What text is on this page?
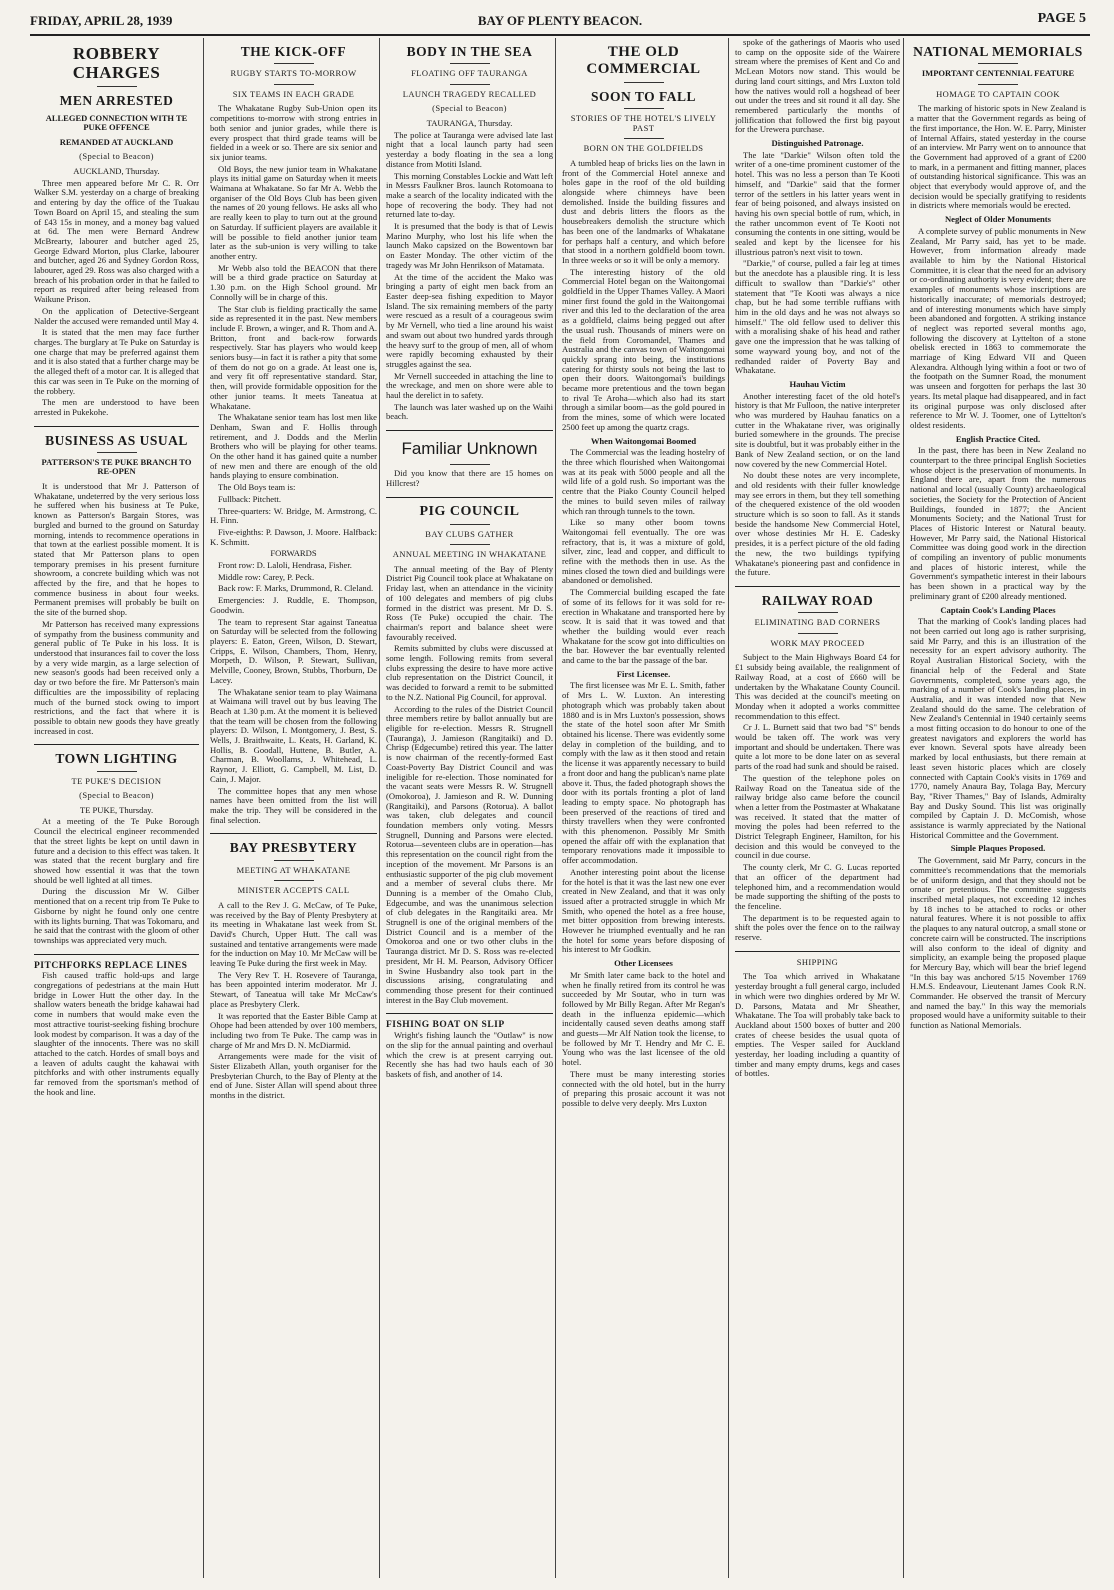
FRIDAY, APRIL 28, 1939	BAY OF PLENTY BEACON.	PAGE 5
ROBBERY CHARGES
MEN ARRESTED
ALLEGED CONNECTION WITH TE PUKE OFFENCE
REMANDED AT AUCKLAND
(Special to Beacon)

AUCKLAND, Thursday.

Three men appeared before Mr C. R. Orr Walker S.M. yesterday on a charge of breaking and entering by day the office of the Tuakau Town Board on April 15, and stealing the sum of £43 15s in money, and a money bag valued at 6d. The men were Bernard Andrew McBrearty, labourer and butcher aged 25, George Edward Morton, plus Clarke, labourer and butcher, aged 26 and Sydney Gordon Ross, labourer, aged 29. Ross was also charged with a breach of his probation order in that he failed to report as required after being released from Waikune Prison.

On the application of Detective-Sergeant Nalder the accused were remanded until May 4.

It is stated that the men may face further charges. The burglary at Te Puke on Saturday is one charge that may be preferred against them and it is also stated that a further charge may be the alleged theft of a motor car. It is alleged that this car was seen in Te Puke on the morning of the robbery.

The men are understood to have been arrested in Pukekohe.

BUSINESS AS USUAL
PATTERSON'S TE PUKE BRANCH TO RE-OPEN

It is understood that Mr J. Patterson of Whakatane, undeterred by the very serious loss he suffered when his business at Te Puke, known as Patterson's Bargain Stores, was burgled and burned to the ground on Saturday morning, intends to recommence operations in that town at the earliest possible moment. It is stated that Mr Patterson plans to open temporary premises in his present furniture showroom, a concrete building which was not affected by the fire, and that he hopes to commence business in about four weeks. Permanent premises will probably be built on the site of the burned shop.

Mr Patterson has received many expressions of sympathy from the business community and general public of Te Puke in his loss. It is understood that insurances fail to cover the loss by a very wide margin, as a large selection of new season's goods had been received only a day or two before the fire. Mr Patterson's main difficulties are the impossibility of replacing much of the burned stock owing to import restrictions, and the fact that where it is possible to obtain new goods they have greatly increased in cost.

TOWN LIGHTING
TE PUKE'S DECISION
(Special to Beacon)

TE PUKE, Thursday.

At a meeting of the Te Puke Borough Council the electrical engineer recommended that the street lights be kept on until dawn in future and a decision to this effect was taken. It was stated that the recent burglary and fire showed how essential it was that the town should be well lighted at all times.

During the discussion Mr W. Gilber mentioned that on a recent trip from Te Puke to Gisborne by night he found only one centre with its lights burning. That was Tokomaru, and he said that the contrast with the gloom of other townships was appreciated very much.

PITCHFORKS REPLACE LINES

Fish caused traffic hold-ups and large congregations of pedestrians at the main Hutt bridge in Lower Hutt the other day. In the shallow waters beneath the bridge kahawai had come in numbers that would make even the most attractive tourist-seeking fishing brochure look modest by comparison. It was a day of the slaughter of the innocents. There was no skill attached to the catch. Hordes of small boys and a leaven of adults caught the kahawai with pitchforks and with other instruments equally far removed from the sportsman's method of the hook and line.

THE KICK-OFF
RUGBY STARTS TO-MORROW
SIX TEAMS IN EACH GRADE

The Whakatane Rugby Sub-Union open its competitions to-morrow with strong entries in both senior and junior grades, while there is every prospect that third grade teams will be fielded in a week or so. There are six senior and six junior teams.

Old Boys, the new junior team in Whakatane plays its initial game on Saturday when it meets Waimana at Whakatane. So far Mr A. Webb the organiser of the Old Boys Club has been given the names of 20 young fellows. He asks all who are really keen to play to turn out at the ground on Saturday. If sufficient players are available it will be possible to field another junior team later as the sub-union is very willing to take another entry.

Mr Webb also told the BEACON that there will be a third grade practice on Saturday at 1.30 p.m. on the High School ground. Mr Connolly will be in charge of this.

The Star club is fielding practically the same side as represented it in the past. New members include F. Brown, a winger, and R. Thom and A. Britton, front and back-row forwards respectively. Star has players who would keep seniors busy—in fact it is rather a pity that some of them do not go on a grade. At least one is, and very fit off representative standard. Star, then, will provide formidable opposition for the other junior teams. It meets Taneatua at Whakatane.

The Whakatane senior team has lost men like Denham, Swan and F. Hollis through retirement, and J. Dodds and the Merlin Brothers who will be playing for other teams. On the other hand it has gained quite a number of new men and there are enough of the old hands playing to ensure combination.

The Old Boys team is:

Fullback: Pitchett.

Three-quarters: W. Bridge, M. Armstrong, C. H. Finn.

Five-eighths: P. Dawson, J. Moore. Halfback: K. Schmitt.

FORWARDS

Front row: D. Laloli, Hendrasa, Fisher.

Middle row: Carey, P. Peck.

Back row: F. Marks, Drummond, R. Cleland.

Emergencies: J. Ruddle, E. Thompson, Goodwin.

The team to represent Star against Taneatua on Saturday will be selected from the following players: E. Eaton, Green, Wilson, D. Stewart, Cripps, E. Wilson, Chambers, Thom, Henry, Morpeth, D. Wilson, P. Stewart, Sullivan, Melville, Cooney, Brown, Stubbs, Thorburn, De Lacey.

The Whakatane senior team to play Waimana at Waimana will travel out by bus leaving The Beach at 1.30 p.m. At the moment it is believed that the team will be chosen from the following players: D. Wilson, I. Montgomery, J. Best, S. Wells, J. Braithwaite, L. Keats, H. Garland, K. Hollis, B. Goodall, Huttene, B. Butler, A. Charman, B. Woollams, J. Whitehead, L. Raynor, J. Elliott, G. Campbell, M. List, D. Cain, J. Major.

The committee hopes that any men whose names have been omitted from the list will make the trip. They will be considered in the final selection.

BAY PRESBYTERY
MEETING AT WHAKATANE
MINISTER ACCEPTS CALL

A call to the Rev J. G. McCaw, of Te Puke, was received by the Bay of Plenty Presbytery at its meeting in Whakatane last week from St. David's Church, Upper Hutt. The call was sustained and tentative arrangements were made for the induction on May 10. Mr McCaw will be leaving Te Puke during the first week in May.

The Very Rev T. H. Rosevere of Tauranga, has been appointed interim moderator. Mr J. Stewart, of Taneatua will take Mr McCaw's place as Presbytery Clerk.

It was reported that the Easter Bible Camp at Ohope had been attended by over 100 members, including two from Te Puke. The camp was in charge of Mr and Mrs D. N. McDiarmid.

Arrangements were made for the visit of Sister Elizabeth Allan, youth organiser for the Presbyterian Church, to the Bay of Plenty at the end of June. Sister Allan will spend about three months in the district.

BODY IN THE SEA
FLOATING OFF TAURANGA
LAUNCH TRAGEDY RECALLED
(Special to Beacon)

TAURANGA, Thursday.

The police at Tauranga were advised late last night that a local launch party had seen yesterday a body floating in the sea a long distance from Motiti Island.

This morning Constables Lockie and Watt left in Messrs Faulkner Bros. launch Rotomoana to make a search of the locality indicated with the hope of recovering the body. They had not returned late to-day.

It is presumed that the body is that of Lewis Marino Murphy, who lost his life when the launch Mako capsized on the Bowentown bar on Easter Monday. The other victim of the tragedy was Mr John Henrikson of Matamata.

At the time of the accident the Mako was bringing a party of eight men back from an Easter deep-sea fishing expedition to Mayor Island. The six remaining members of the party were rescued as a result of a courageous swim by Mr Vernell, who tied a line around his waist and swam out about two hundred yards through the heavy surf to the group of men, all of whom were rapidly becoming exhausted by their struggles against the sea.

Mr Vernell succeeded in attaching the line to the wreckage, and men on shore were able to haul the derelict in to safety.

The launch was later washed up on the Waihi beach.

Familiar Unknown

Did you know that there are 15 homes on Hillcrest?

PIG COUNCIL
BAY CLUBS GATHER
ANNUAL MEETING IN WHAKATANE

The annual meeting of the Bay of Plenty District Pig Council took place at Whakatane on Friday last, when an attendance in the vicinity of 100 delegates and members of pig clubs formed in the district was present. Mr D. S. Ross (Te Puke) occupied the chair. The chairman's report and balance sheet were favourably received.

Remits submitted by clubs were discussed at some length. Following remits from several clubs expressing the desire to have more active club representation on the District Council, it was decided to forward a remit to be submitted to the N.Z. National Pig Council, for approval.

According to the rules of the District Council three members retire by ballot annually but are eligible for re-election. Messrs R. Strugnell (Tauranga), J. Jamieson (Rangitaiki) and D. Chrisp (Edgecumbe) retired this year. The latter is now chairman of the recently-formed East Coast-Poverty Bay District Council and was ineligible for re-election. Those nominated for the vacant seats were Messrs R. W. Strugnell (Omokoroa), J. Jamieson and R. W. Dunning (Rangitaiki), and Parsons (Rotorua). A ballot was taken, club delegates and council foundation members only voting. Messrs Strugnell, Dunning and Parsons were elected. Rotorua—seventeen clubs are in operation—has this representation on the council right from the inception of the movement. Mr Parsons is an enthusiastic supporter of the pig club movement and a member of several clubs there. Mr Dunning is a member of the Omaho Club, Edgecumbe, and was the unanimous selection of club delegates in the Rangitaiki area. Mr Strugnell is one of the original members of the District Council and is a member of the Omokoroa and one or two other clubs in the Tauranga district. Mr D. S. Ross was re-elected president, Mr H. M. Pearson, Advisory Officer in Swine Husbandry also took part in the discussions arising, congratulating and commending those present for their continued interest in the Bay Club movement.

FISHING BOAT ON SLIP

Wright's fishing launch the "Outlaw" is now on the slip for the annual painting and overhaul which the crew is at present carrying out. Recently she has had two hauls each of 30 baskets of fish, and another of 14.

THE OLD COMMERCIAL
SOON TO FALL
STORIES OF THE HOTEL'S LIVELY PAST
BORN ON THE GOLDFIELDS

A tumbled heap of bricks lies on the lawn in front of the Commercial Hotel annexe and holes gape in the roof of the old building alongside where chimneys have been demolished. Inside the building fissures and dust and debris litters the floors as the housebreakers demolish the structure which has been one of the landmarks of Whakatane for perhaps half a century, and which before that stood in a northern goldfield boom town. In three weeks or so it will be only a memory.

The interesting history of the old Commercial Hotel began on the Waitongomai goldfield in the Upper Thames Valley. A Maori miner first found the gold in the Waitongomai river and this led to the declaration of the area as a goldfield, claims being pegged out after the usual rush. Thousands of miners were on the field from Coromandel, Thames and Australia and the canvas town of Waitongomai quickly sprang into being, the institutions catering for thirsty souls not being the last to open their doors. Waitongomai's buildings became more pretentious and the town began to rival Te Aroha—which also had its start through a similar boom—as the gold poured in from the mines, some of which were located 2500 feet up among the quartz crags.

When Waitongomai Boomed

The Commercial was the leading hostelry of the three which flourished when Waitongomai was at its peak with 5000 people and all the wild life of a gold rush. So important was the centre that the Piako County Council helped the mines to build seven miles of railway which ran through tunnels to the town.

Like so many other boom towns Waitongomai fell eventually. The ore was refractory, that is, it was a mixture of gold, silver, zinc, lead and copper, and difficult to refine with the methods then in use. As the mines closed the town died and buildings were abandoned or demolished.

The Commercial building escaped the fate of some of its fellows for it was sold for re-erection in Whakatane and transported here by scow. It is said that it was towed and that whether the building would ever reach Whakatane for the scow got into difficulties on the bar. However the bar eventually relented and came to the bar the passage of the bar.

First Licensee.

The first licensee was Mr E. L. Smith, father of Mrs L. W. Luxton. An interesting photograph which was probably taken about 1880 and is in Mrs Luxton's possession, shows the state of the hotel soon after Mr Smith obtained his license. There was evidently some delay in completion of the building, and to comply with the law as it then stood and retain the license it was apparently necessary to build a front door and hang the publican's name plate above it. Thus, the faded photograph shows the door with its portals fronting a plot of land leading to empty space. No photograph has been preserved of the reactions of tired and thirsty travellers when they were confronted with this phenomenon. Possibly Mr Smith opened the affair off with the explanation that temporary renovations made it impossible to offer accommodation.

Another interesting point about the license for the hotel is that it was the last new one ever created in New Zealand, and that it was only issued after a protracted struggle in which Mr Smith, who opened the hotel as a free house, met bitter opposition from brewing interests. However he triumphed eventually and he ran the hotel for some years before disposing of his interest to Mr Godkin.

Other Licensees

Mr Smith later came back to the hotel and when he finally retired from its control he was succeeded by Mr Soutar, who in turn was followed by Mr Billy Regan. After Mr Regan's death in the influenza epidemic—which incidentally caused seven deaths among staff and guests—Mr Alf Nation took the license, to be followed by Mr T. Hendry and Mr C. E. Young who was the last licensee of the old hotel.

There must be many interesting stories connected with the old hotel, but in the hurry of preparing this prosaic account it was not possible to delve very deeply. Mrs Luxton

spoke of the gatherings of Maoris who used to camp on the opposite side of the Wairere stream where the premises of Kent and Co and McLean Motors now stand. This would be during land court sittings, and Mrs Luxton told how the natives would roll a hogshead of beer out under the trees and sit round it all day. She remembered particularly the months of jollification that followed the first big payout for the Urewera purchase.

Distinguished Patronage.

The late "Darkie" Wilson often told the writer of a one-time prominent customer of the hotel. This was no less a person than Te Kooti himself, and "Darkie" said that the former terror of the settlers in his latter years went in fear of being poisoned, and always insisted on having his own special bottle of rum, which, in the rather uncommon event of Te Kooti not consuming the contents in one sitting, would be sealed and kept by the licensee for his illustrious patron's next visit to town.

"Darkie," of course, pulled a fair leg at times but the anecdote has a plausible ring. It is less difficult to swallow than "Darkie's" other statement that "Te Kooti was always a nice chap, but he had some terrible ruffians with him in the old days and he was not always so himself." The old fellow used to deliver this with a moralising shake of his head and rather gave one the impression that he was talking of some wayward young boy, and not of the redhanded raider of Poverty Bay and Whakatane.

Hauhau Victim

Another interesting facet of the old hotel's history is that Mr Fulloon, the native interpreter who was murdered by Hauhau fanatics on a cutter in the Whakatane river, was originally buried somewhere in the grounds. The precise site is doubtful, but it was probably either in the Bank of New Zealand section, or on the land now covered by the new Commercial Hotel.

No doubt these notes are very incomplete, and old residents with their fuller knowledge may see errors in them, but they tell something of the chequered existence of the old wooden structure which is so soon to fall. As it stands beside the handsome New Commercial Hotel, over whose destinies Mr H. E. Cadesky presides, it is a perfect picture of the old fading the new, the two buildings typifying Whakatane's pioneering past and confidence in the future.

RAILWAY ROAD
ELIMINATING BAD CORNERS
WORK MAY PROCEED

Subject to the Main Highways Board £4 for £1 subsidy being available, the realignment of Railway Road, at a cost of £660 will be undertaken by the Whakatane County Council. This was decided at the council's meeting on Monday when it adopted a works committee recommendation to this effect.

Cr J. L. Burnett said that two bad "S" bends would be taken off. The work was very important and should be undertaken. There was quite a lot more to be done later on as several parts of the road had sunk and should be raised.

The question of the telephone poles on Railway Road on the Taneatua side of the railway bridge also came before the council when a letter from the Postmaster at Whakatane was received. It stated that the matter of moving the poles had been referred to the District Telegraph Engineer, Hamilton, for his decision and this would be conveyed to the council in due course.

The county clerk, Mr C. G. Lucas reported that an officer of the department had telephoned him, and a recommendation would be made supporting the shifting of the posts to the fenceline.

The department is to be requested again to shift the poles over the fence on to the railway reserve.

SHIPPING

The Toa which arrived in Whakatane yesterday brought a full general cargo, included in which were two dinghies ordered by Mr W. D. Parsons, Matata and Mr Sheather, Whakatane. The Toa will probably take back to Auckland about 1500 boxes of butter and 200 crates of cheese besides the usual quota of empties. The Vesper sailed for Auckland yesterday, her loading including a quantity of timber and many empty drums, kegs and cases of bottles.

NATIONAL MEMORIALS
IMPORTANT CENTENNIAL FEATURE
HOMAGE TO CAPTAIN COOK

The marking of historic spots in New Zealand is a matter that the Government regards as being of the first importance, the Hon. W. E. Parry, Minister of Internal Affairs, stated yesterday in the course of an interview. Mr Parry went on to announce that the Government had approved of a grant of £200 to mark, in a permanent and fitting manner, places of outstanding historical significance. This was an object that everybody would approve of, and the decision would be specially gratifying to residents in districts where memorials would be erected.

Neglect of Older Monuments

A complete survey of public monuments in New Zealand, Mr Parry said, has yet to be made. However, from information already made available to him by the National Historical Committee, it is clear that the need for an advisory or co-ordinating authority is very evident; there are examples of monuments whose inscriptions are historically inaccurate; of memorials destroyed; and of interesting monuments which have simply been abandoned and forgotten. A striking instance of neglect was reported several months ago, following the discovery at Lyttelton of a stone obelisk erected in 1863 to commemorate the marriage of King Edward VII and Queen Alexandra. Although lying within a foot or two of the footpath on the Sumner Road, the monument was unseen and forgotten for perhaps the last 30 years. Its metal plaque had disappeared, and in fact its original purpose was only disclosed after reference to Mr W. J. Toomer, one of Lyttelton's oldest residents.

English Practice Cited.

In the past, there has been in New Zealand no counterpart to the three principal English Societies whose object is the preservation of monuments. In England there are, apart from the numerous national and local (usually County) archaeological societies, the Society for the Protection of Ancient Buildings, founded in 1877; the Ancient Monuments Society; and the National Trust for Places of Historic Interest or Natural beauty. However, Mr Parry said, the National Historical Committee was doing good work in the direction of compiling an inventory of public monuments and places of historic interest, while the Government's sympathetic interest in their labours has been shown in a practical way by the preliminary grant of £200 already mentioned.

Captain Cook's Landing Places

That the marking of Cook's landing places had not been carried out long ago is rather surprising, said Mr Parry, and this is an illustration of the necessity for an expert advisory authority. The Royal Australian Historical Society, with the financial help of the Federal and State Governments, completed, some years ago, the marking of a number of Cook's landing places, in Australia, and it was intended now that New Zealand should do the same. The celebration of New Zealand's Centennial in 1940 certainly seems a most fitting occasion to do honour to one of the greatest navigators and explorers the world has ever known. Several spots have already been marked by local enthusiasts, but there remain at least seven historic places which are closely connected with Captain Cook's visits in 1769 and 1770, namely Anaura Bay, Tolaga Bay, Mercury Bay, "River Thames," Bay of Islands, Admiralty Bay and Dusky Sound. This list was originally compiled by Captain J. D. McComish, whose assistance is warmly appreciated by the National Historical Committee and the Government.

Simple Plaques Proposed.

The Government, said Mr Parry, concurs in the committee's recommendations that the memorials be of uniform design, and that they should not be ornate or pretentious. The committee suggests inscribed metal plaques, not exceeding 12 inches by 18 inches to be attached to rocks or other natural features. Where it is not possible to affix the plaques to any natural outcrop, a small stone or concrete cairn will be constructed. The inscriptions will also conform to the ideal of dignity and simplicity, an example being the proposed plaque for Mercury Bay, which will bear the brief legend "In this bay was anchored 5/15 November 1769 H.M.S. Endeavour, Lieutenant James Cook R.N. Commander. He observed the transit of Mercury and named the bay." In this way the memorials proposed would have a uniformity suitable to their function as National Memorials.
